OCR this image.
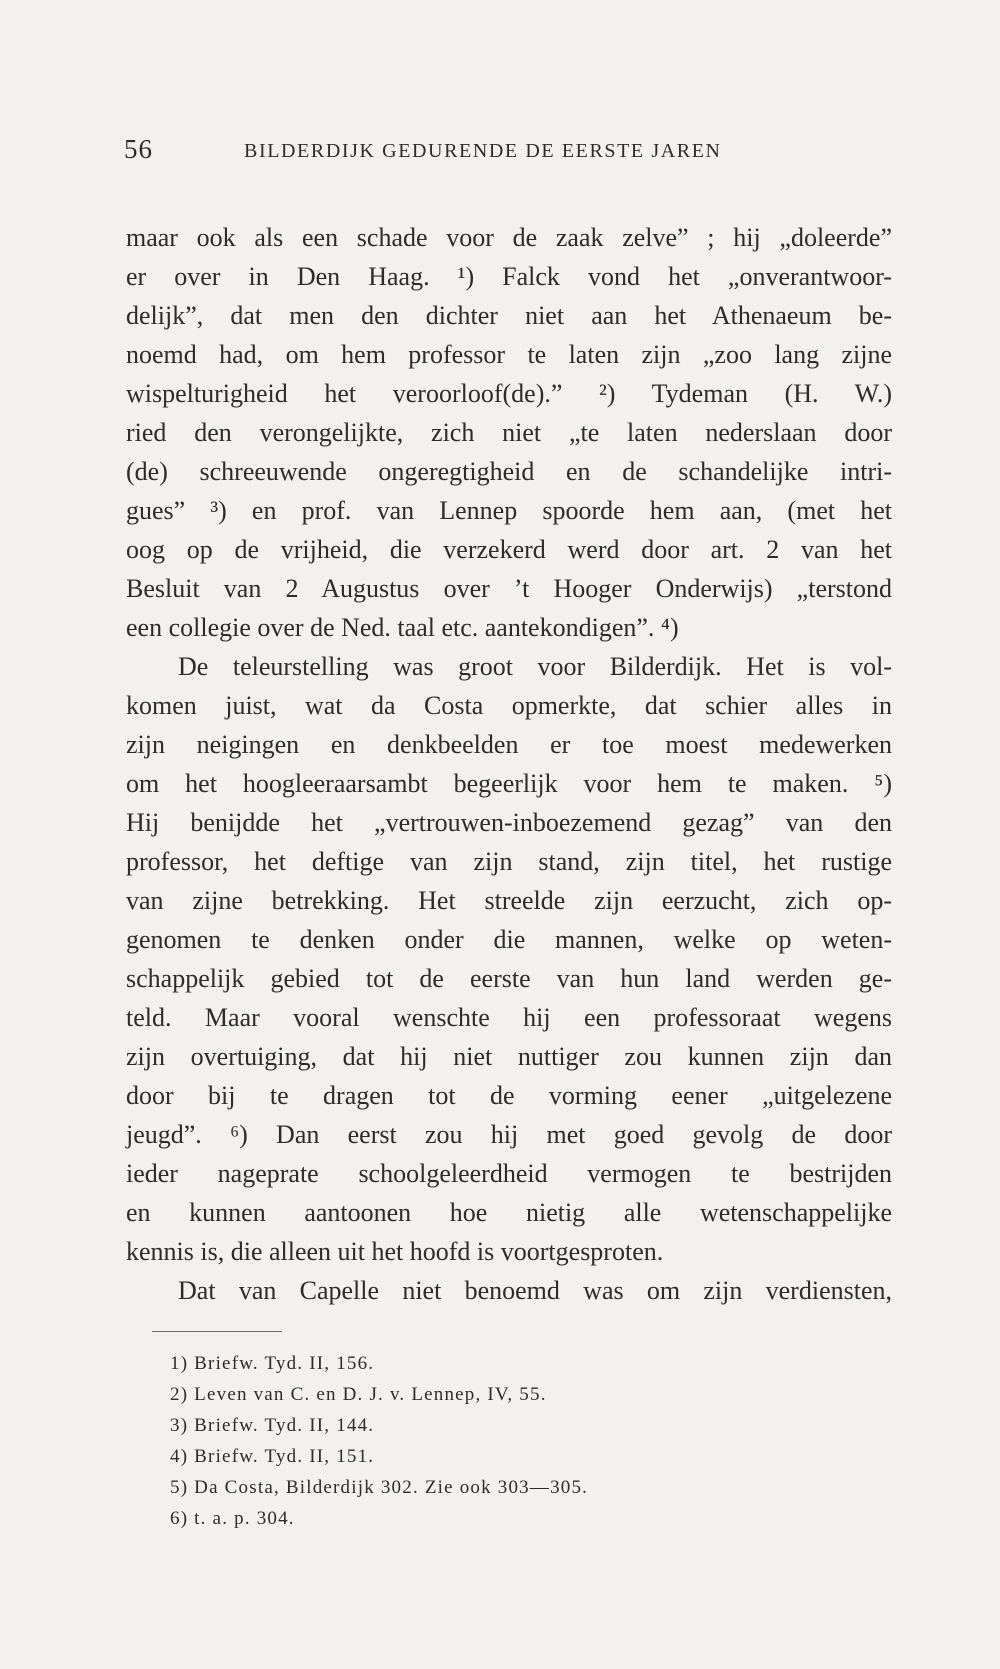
56	BILDERDIJK GEDURENDE DE EERSTE JAREN
maar ook als een schade voor de zaak zelve” ; hij „doleerde”
er over in Den Haag. ¹) Falck vond het „onverantwoor-
delijk”, dat men den dichter niet aan het Athenaeum be-
noemd had, om hem professor te laten zijn „zoo lang zijne
wispelturigheid het veroorloof(de).” ²) Tydeman (H. W.)
ried den verongelijkte, zich niet „te laten nederslaan door
(de) schreeuwende ongeregtigheid en de schandelijke intri-
gues” ³) en prof. van Lennep spoorde hem aan, (met het
oog op de vrijheid, die verzekerd werd door art. 2 van het
Besluit van 2 Augustus over ’t Hooger Onderwijs) „terstond
een collegie over de Ned. taal etc. aantekondigen”. ⁴)
De teleurstelling was groot voor Bilderdijk. Het is vol-
komen juist, wat da Costa opmerkte, dat schier alles in
zijn neigingen en denkbeelden er toe moest medewerken
om het hoogleeraarsambt begeerlijk voor hem te maken. ⁵)
Hij benijdde het „vertrouwen-inboezemend gezag” van den
professor, het deftige van zijn stand, zijn titel, het rustige
van zijne betrekking. Het streelde zijn eerzucht, zich op-
genomen te denken onder die mannen, welke op weten-
schappelijk gebied tot de eerste van hun land werden ge-
teld. Maar vooral wenschte hij een professoraat wegens
zijn overtuiging, dat hij niet nuttiger zou kunnen zijn dan
door bij te dragen tot de vorming eener „uitgelezene
jeugd”. ⁶) Dan eerst zou hij met goed gevolg de door
ieder nageprate schoolgeleerdheid vermogen te bestrijden
en kunnen aantoonen hoe nietig alle wetenschappelijke
kennis is, die alleen uit het hoofd is voortgesproten.
Dat van Capelle niet benoemd was om zijn verdiensten,
1) Briefw. Tyd. II, 156.
2) Leven van C. en D. J. v. Lennep, IV, 55.
3) Briefw. Tyd. II, 144.
4) Briefw. Tyd. II, 151.
5) Da Costa, Bilderdijk 302. Zie ook 303—305.
6) t. a. p. 304.
